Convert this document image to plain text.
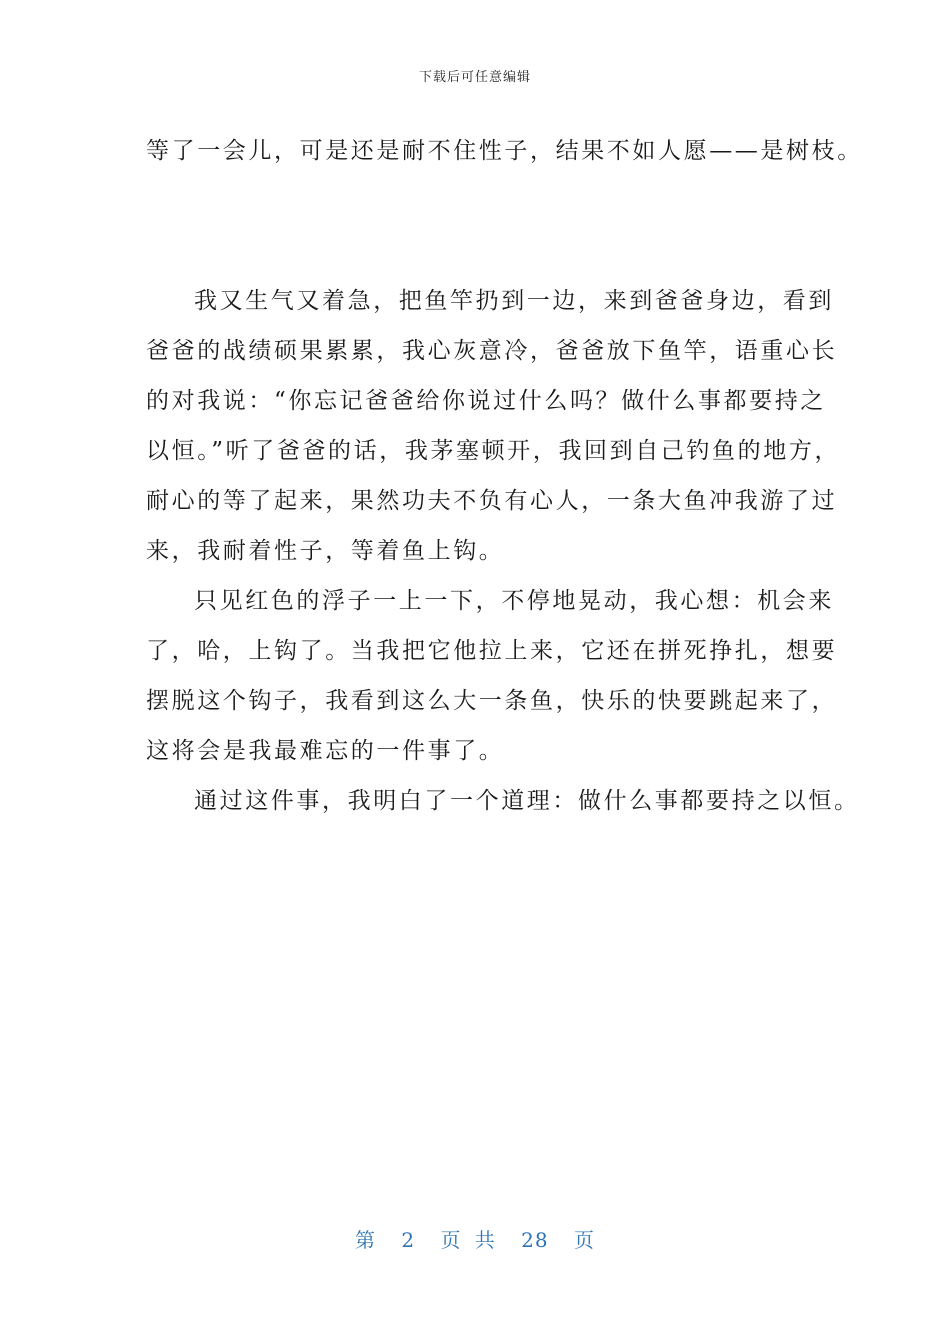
下载后可任意编辑
等了一会儿，可是还是耐不住性子，结果不如人愿——是树枝。
我又生气又着急，把鱼竿扔到一边，来到爸爸身边，看到
爸爸的战绩硕果累累，我心灰意冷，爸爸放下鱼竿，语重心长
的对我说：“你忘记爸爸给你说过什么吗？做什么事都要持之
以恒。”听了爸爸的话，我茅塞顿开，我回到自己钓鱼的地方，
耐心的等了起来，果然功夫不负有心人，一条大鱼冲我游了过
来，我耐着性子，等着鱼上钩。
只见红色的浮子一上一下，不停地晃动，我心想：机会来
了，哈，上钩了。当我把它他拉上来，它还在拼死挣扎，想要
摆脱这个钩子，我看到这么大一条鱼，快乐的快要跳起来了，
这将会是我最难忘的一件事了。
通过这件事，我明白了一个道理：做什么事都要持之以恒。
第 2 页 共 28 页
